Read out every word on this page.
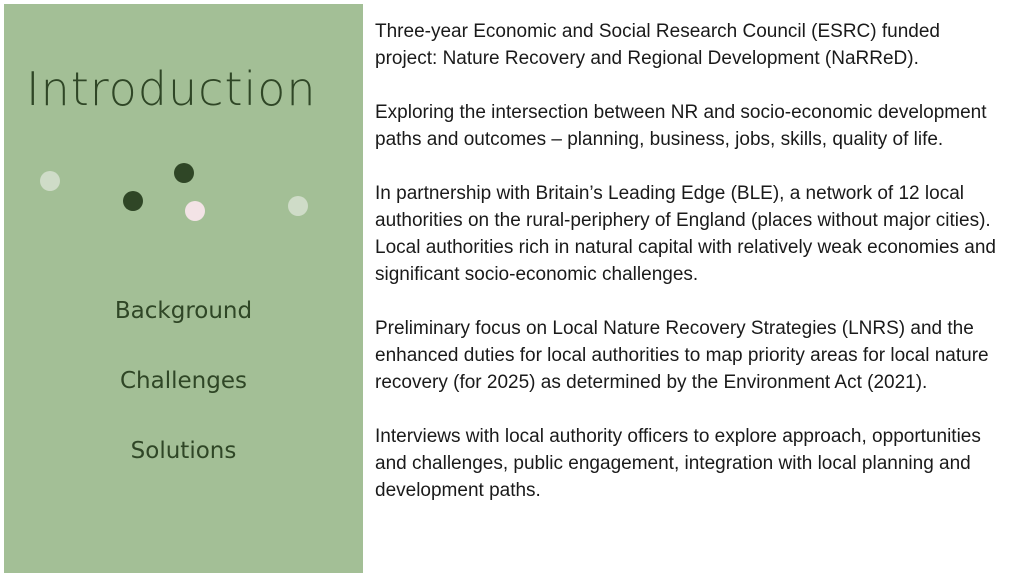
Introduction
Background
Challenges
Solutions

Three-year Economic and Social Research Council (ESRC) funded project: Nature Recovery and Regional Development (NaRReD).

Exploring the intersection between NR and socio-economic development paths and outcomes – planning, business, jobs, skills, quality of life.

In partnership with Britain’s Leading Edge (BLE), a network of 12 local authorities on the rural-periphery of England (places without major cities). Local authorities rich in natural capital with relatively weak economies and significant socio-economic challenges.

Preliminary focus on Local Nature Recovery Strategies (LNRS) and the enhanced duties for local authorities to map priority areas for local nature recovery (for 2025) as determined by the Environment Act (2021).

Interviews with local authority officers to explore approach, opportunities and challenges, public engagement, integration with local planning and development paths.
